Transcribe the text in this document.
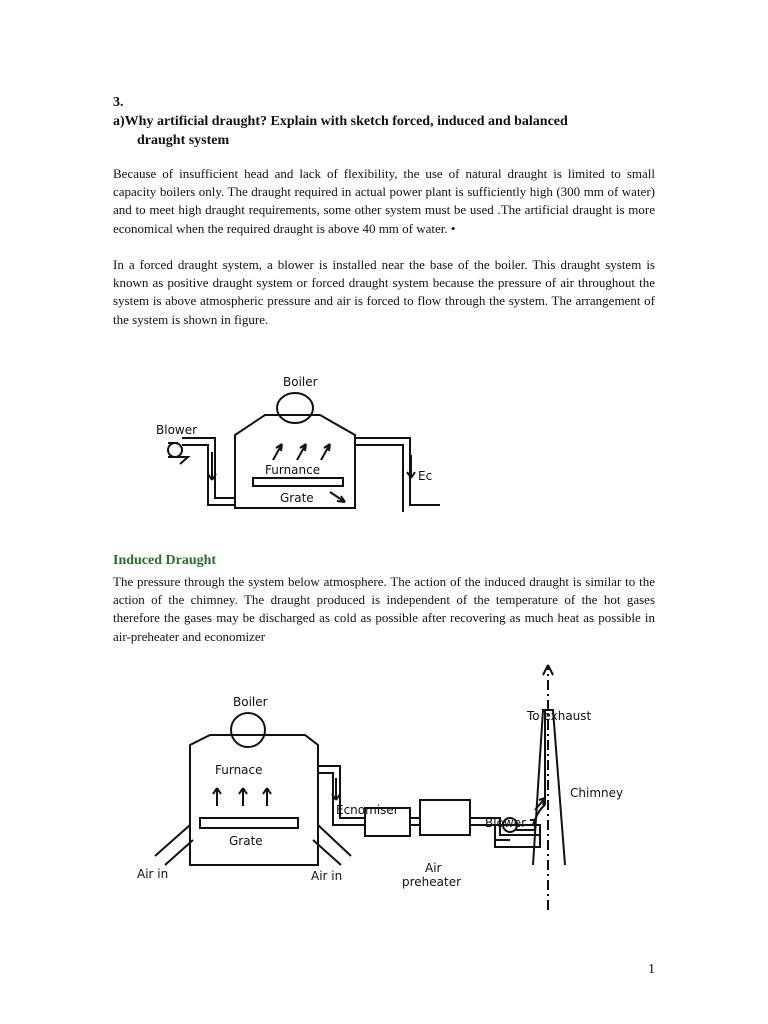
3.
a)Why artificial draught? Explain with sketch forced, induced and balanced
draught system

Because of insufficient head and lack of flexibility, the use of natural draught is limited to small capacity boilers only. The draught required in actual power plant is sufficiently high (300 mm of water) and to meet high draught requirements, some other system must be used .The artificial draught is more economical when the required draught is above 40 mm of water. •

In a forced draught system, a blower is installed near the base of the boiler. This draught system is known as positive draught system or forced draught system because the pressure of air throughout the system is above atmospheric pressure and air is forced to flow through the system. The arrangement of the system is shown in figure.

Boiler
Blower
Furnance
Grate
Ec
Induced Draught

The pressure through the system below atmosphere. The action of the induced draught is similar to the action of the chimney. The draught produced is independent of the temperature of the hot gases therefore the gases may be discharged as cold as possible after recovering as much heat as possible in air-preheater and economizer

Boiler
Furnace
Grate
Air in	Air in
Ecnomiser
Air
preheater
Blower
Chimney
To exhaust
1
